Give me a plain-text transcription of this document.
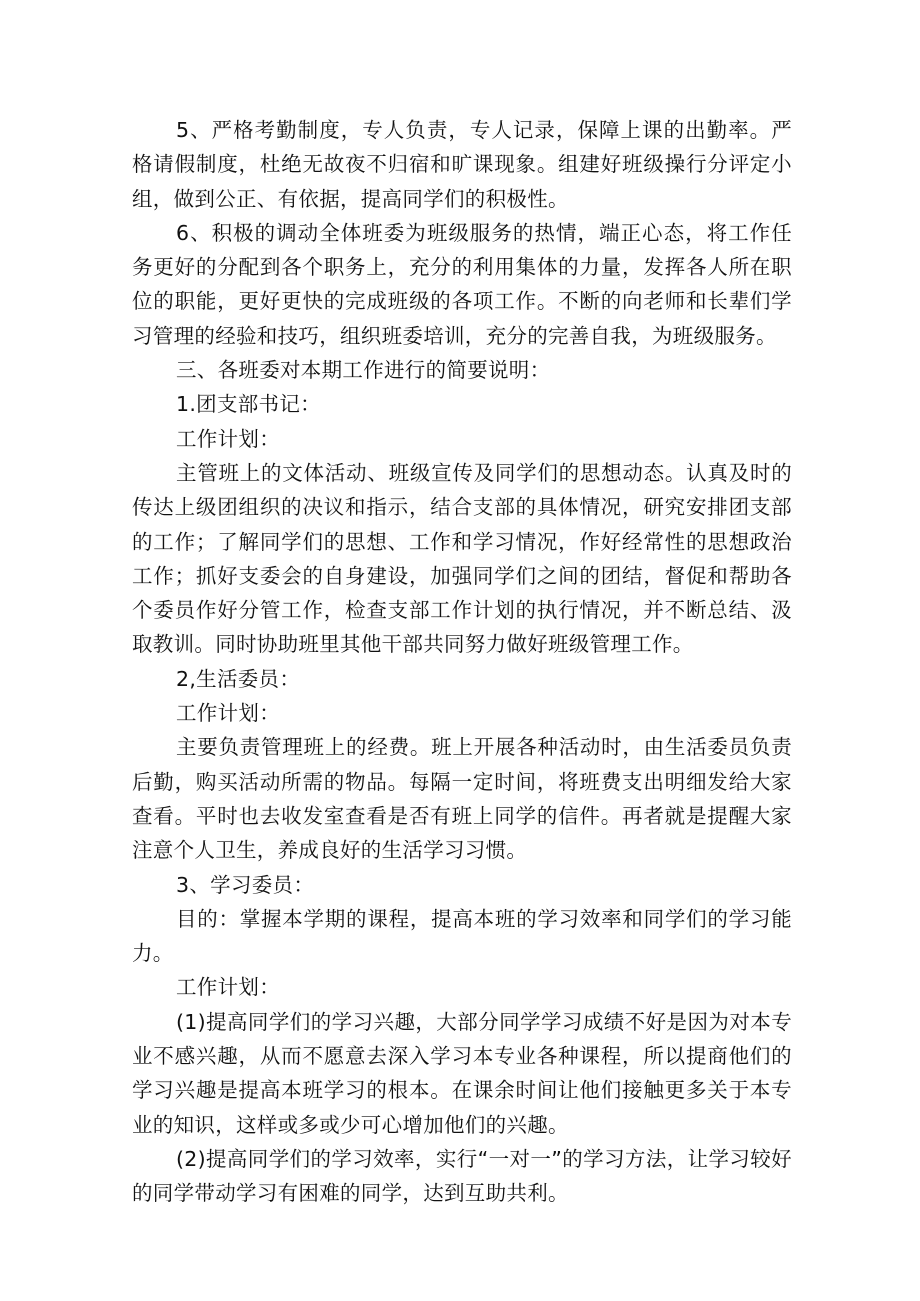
5、严格考勤制度，专人负责，专人记录，保障上课的出勤率。严格请假制度，杜绝无故夜不归宿和旷课现象。组建好班级操行分评定小组，做到公正、有依据，提高同学们的积极性。

6、积极的调动全体班委为班级服务的热情，端正心态，将工作任务更好的分配到各个职务上，充分的利用集体的力量，发挥各人所在职位的职能，更好更快的完成班级的各项工作。不断的向老师和长辈们学习管理的经验和技巧，组织班委培训，充分的完善自我，为班级服务。

三、各班委对本期工作进行的简要说明：

1.团支部书记：

工作计划：

主管班上的文体活动、班级宣传及同学们的思想动态。认真及时的传达上级团组织的决议和指示，结合支部的具体情况，研究安排团支部的工作；了解同学们的思想、工作和学习情况，作好经常性的思想政治工作；抓好支委会的自身建设，加强同学们之间的团结，督促和帮助各个委员作好分管工作，检查支部工作计划的执行情况，并不断总结、汲取教训。同时协助班里其他干部共同努力做好班级管理工作。

2,生活委员：

工作计划：

主要负责管理班上的经费。班上开展各种活动时，由生活委员负责后勤，购买活动所需的物品。每隔一定时间，将班费支出明细发给大家查看。平时也去收发室查看是否有班上同学的信件。再者就是提醒大家注意个人卫生，养成良好的生活学习习惯。

3、学习委员：

目的：掌握本学期的课程，提高本班的学习效率和同学们的学习能力。

工作计划：

(1)提高同学们的学习兴趣，大部分同学学习成绩不好是因为对本专业不感兴趣，从而不愿意去深入学习本专业各种课程，所以提商他们的学习兴趣是提高本班学习的根本。在课余时间让他们接触更多关于本专业的知识，这样或多或少可心增加他们的兴趣。

(2)提高同学们的学习效率，实行“一对一”的学习方法，让学习较好的同学带动学习有困难的同学，达到互助共利。
